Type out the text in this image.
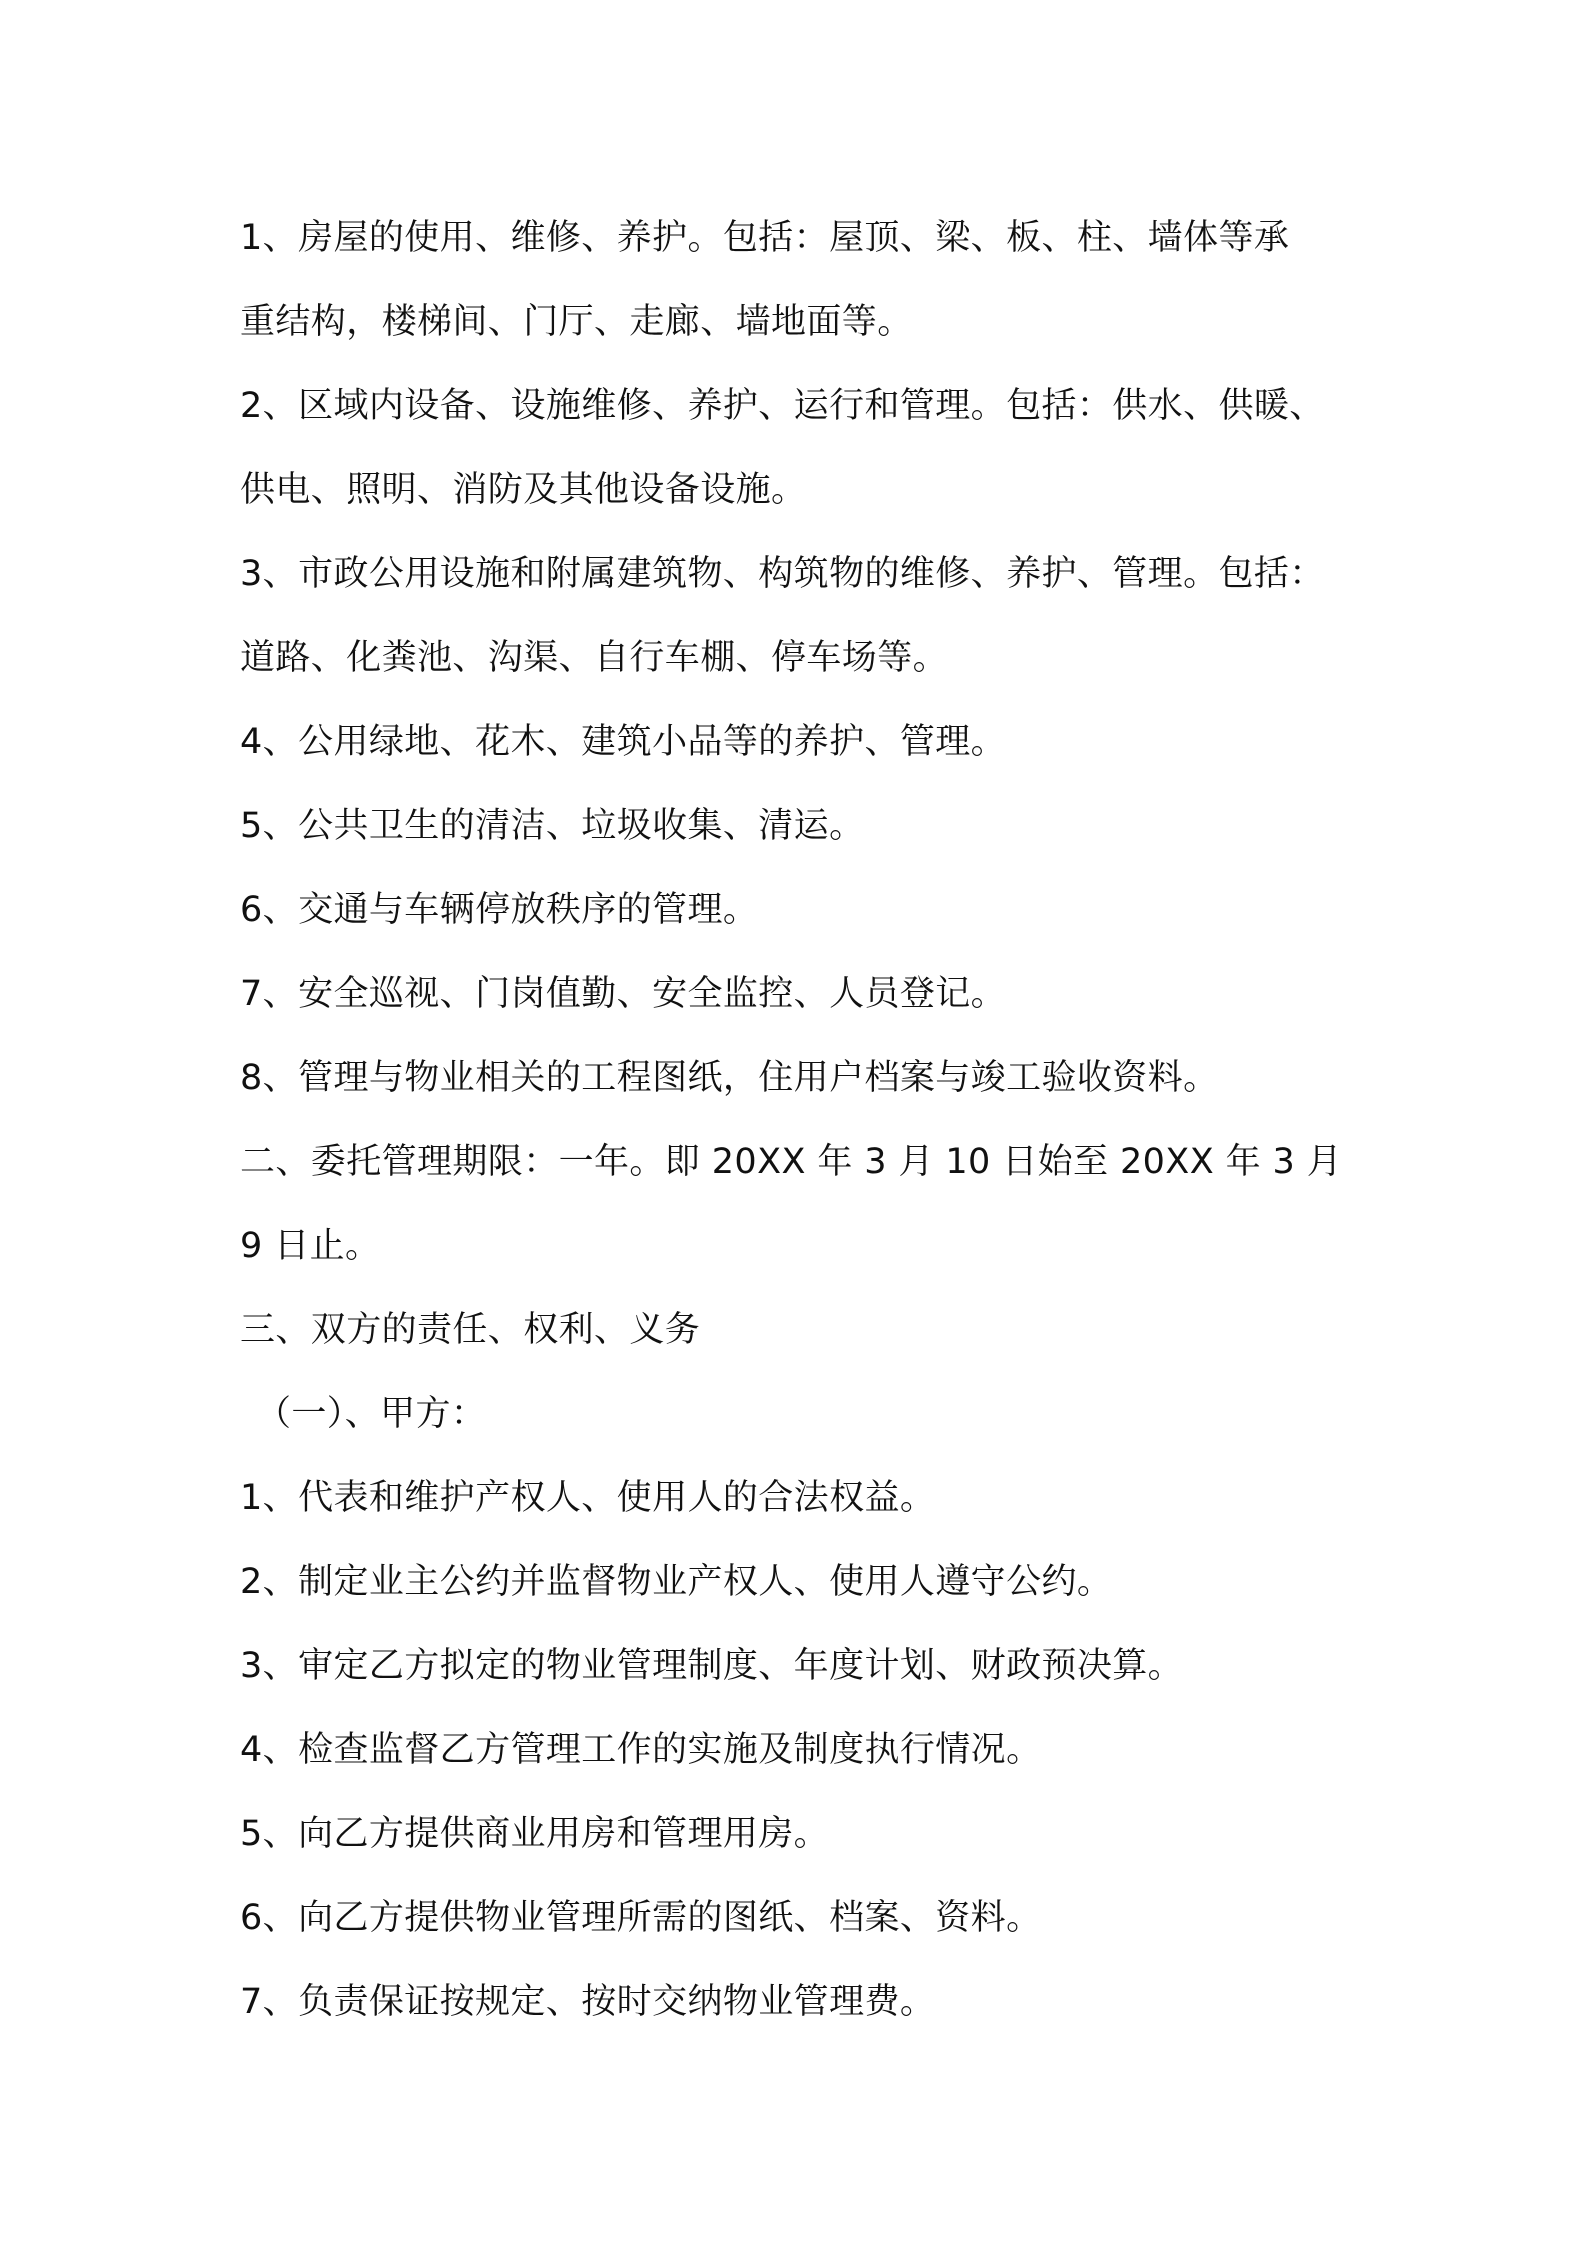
1、房屋的使用、维修、养护。包括：屋顶、梁、板、柱、墙体等承
重结构，楼梯间、门厅、走廊、墙地面等。
2、区域内设备、设施维修、养护、运行和管理。包括：供水、供暖、
供电、照明、消防及其他设备设施。
3、市政公用设施和附属建筑物、构筑物的维修、养护、管理。包括：
道路、化粪池、沟渠、自行车棚、停车场等。
4、公用绿地、花木、建筑小品等的养护、管理。
5、公共卫生的清洁、垃圾收集、清运。
6、交通与车辆停放秩序的管理。
7、安全巡视、门岗值勤、安全监控、人员登记。
8、管理与物业相关的工程图纸，住用户档案与竣工验收资料。
二、委托管理期限：一年。即 20XX 年 3 月 10 日始至 20XX 年 3 月
9 日止。
三、双方的责任、权利、义务
（一）、甲方：
1、代表和维护产权人、使用人的合法权益。
2、制定业主公约并监督物业产权人、使用人遵守公约。
3、审定乙方拟定的物业管理制度、年度计划、财政预决算。
4、检查监督乙方管理工作的实施及制度执行情况。
5、向乙方提供商业用房和管理用房。
6、向乙方提供物业管理所需的图纸、档案、资料。
7、负责保证按规定、按时交纳物业管理费。
